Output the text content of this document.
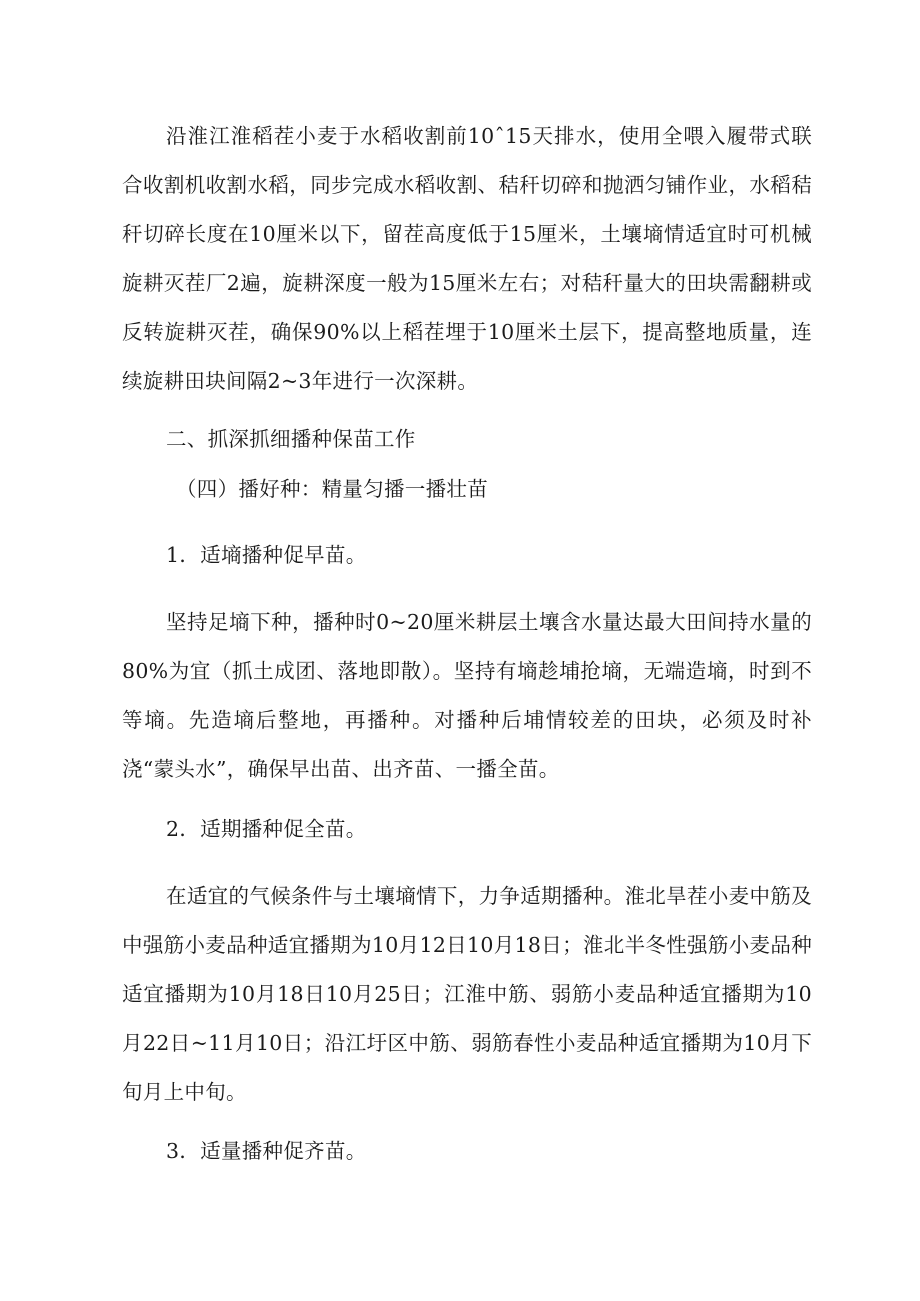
沿淮江淮稻茬小麦于水稻收割前10ˆ15天排水，使用全喂入履带式联合收割机收割水稻，同步完成水稻收割、秸秆切碎和抛洒匀铺作业，水稻秸秆切碎长度在10厘米以下，留茬高度低于15厘米，土壤墒情适宜时可机械旋耕灭茬厂2遍，旋耕深度一般为15厘米左右；对秸秆量大的田块需翻耕或反转旋耕灭茬，确保90%以上稻茬埋于10厘米土层下，提高整地质量，连续旋耕田块间隔2~3年进行一次深耕。

二、抓深抓细播种保苗工作

（四）播好种：精量匀播一播壮苗

1．适墒播种促早苗。

坚持足墒下种，播种时0~20厘米耕层土壤含水量达最大田间持水量的80%为宜（抓土成团、落地即散）。坚持有墒趁埔抢墒，无端造墒，时到不等墒。先造墒后整地，再播种。对播种后埔情较差的田块，必须及时补浇“蒙头水”，确保早出苗、出齐苗、一播全苗。

2．适期播种促全苗。

在适宜的气候条件与土壤墒情下，力争适期播种。淮北旱茬小麦中筋及中强筋小麦品种适宜播期为10月12日10月18日；淮北半冬性强筋小麦品种适宜播期为10月18日10月25日；江淮中筋、弱筋小麦品种适宜播期为10月22日~11月10日；沿江圩区中筋、弱筋春性小麦品种适宜播期为10月下旬月上中旬。

3．适量播种促齐苗。
